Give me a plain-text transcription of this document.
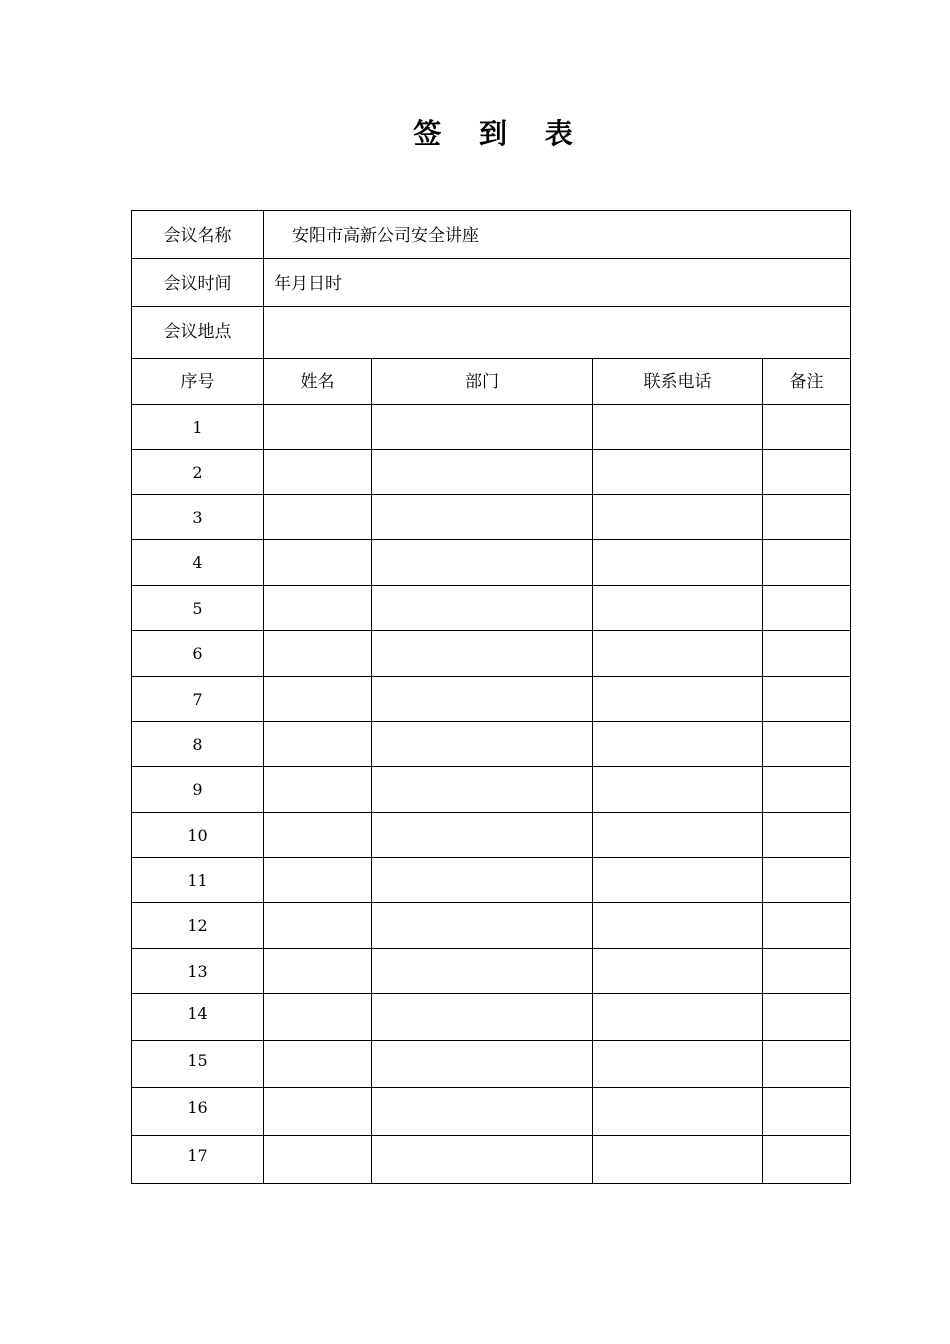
签 到 表
会议名称	安阳市高新公司安全讲座			
会议时间	年月日时			
会议地点				
序号	姓名	部门	联系电话	备注
1				
2				
3				
4				
5				
6				
7				
8				
9				
10				
11				
12				
13				
14				
15				
16				
17				
